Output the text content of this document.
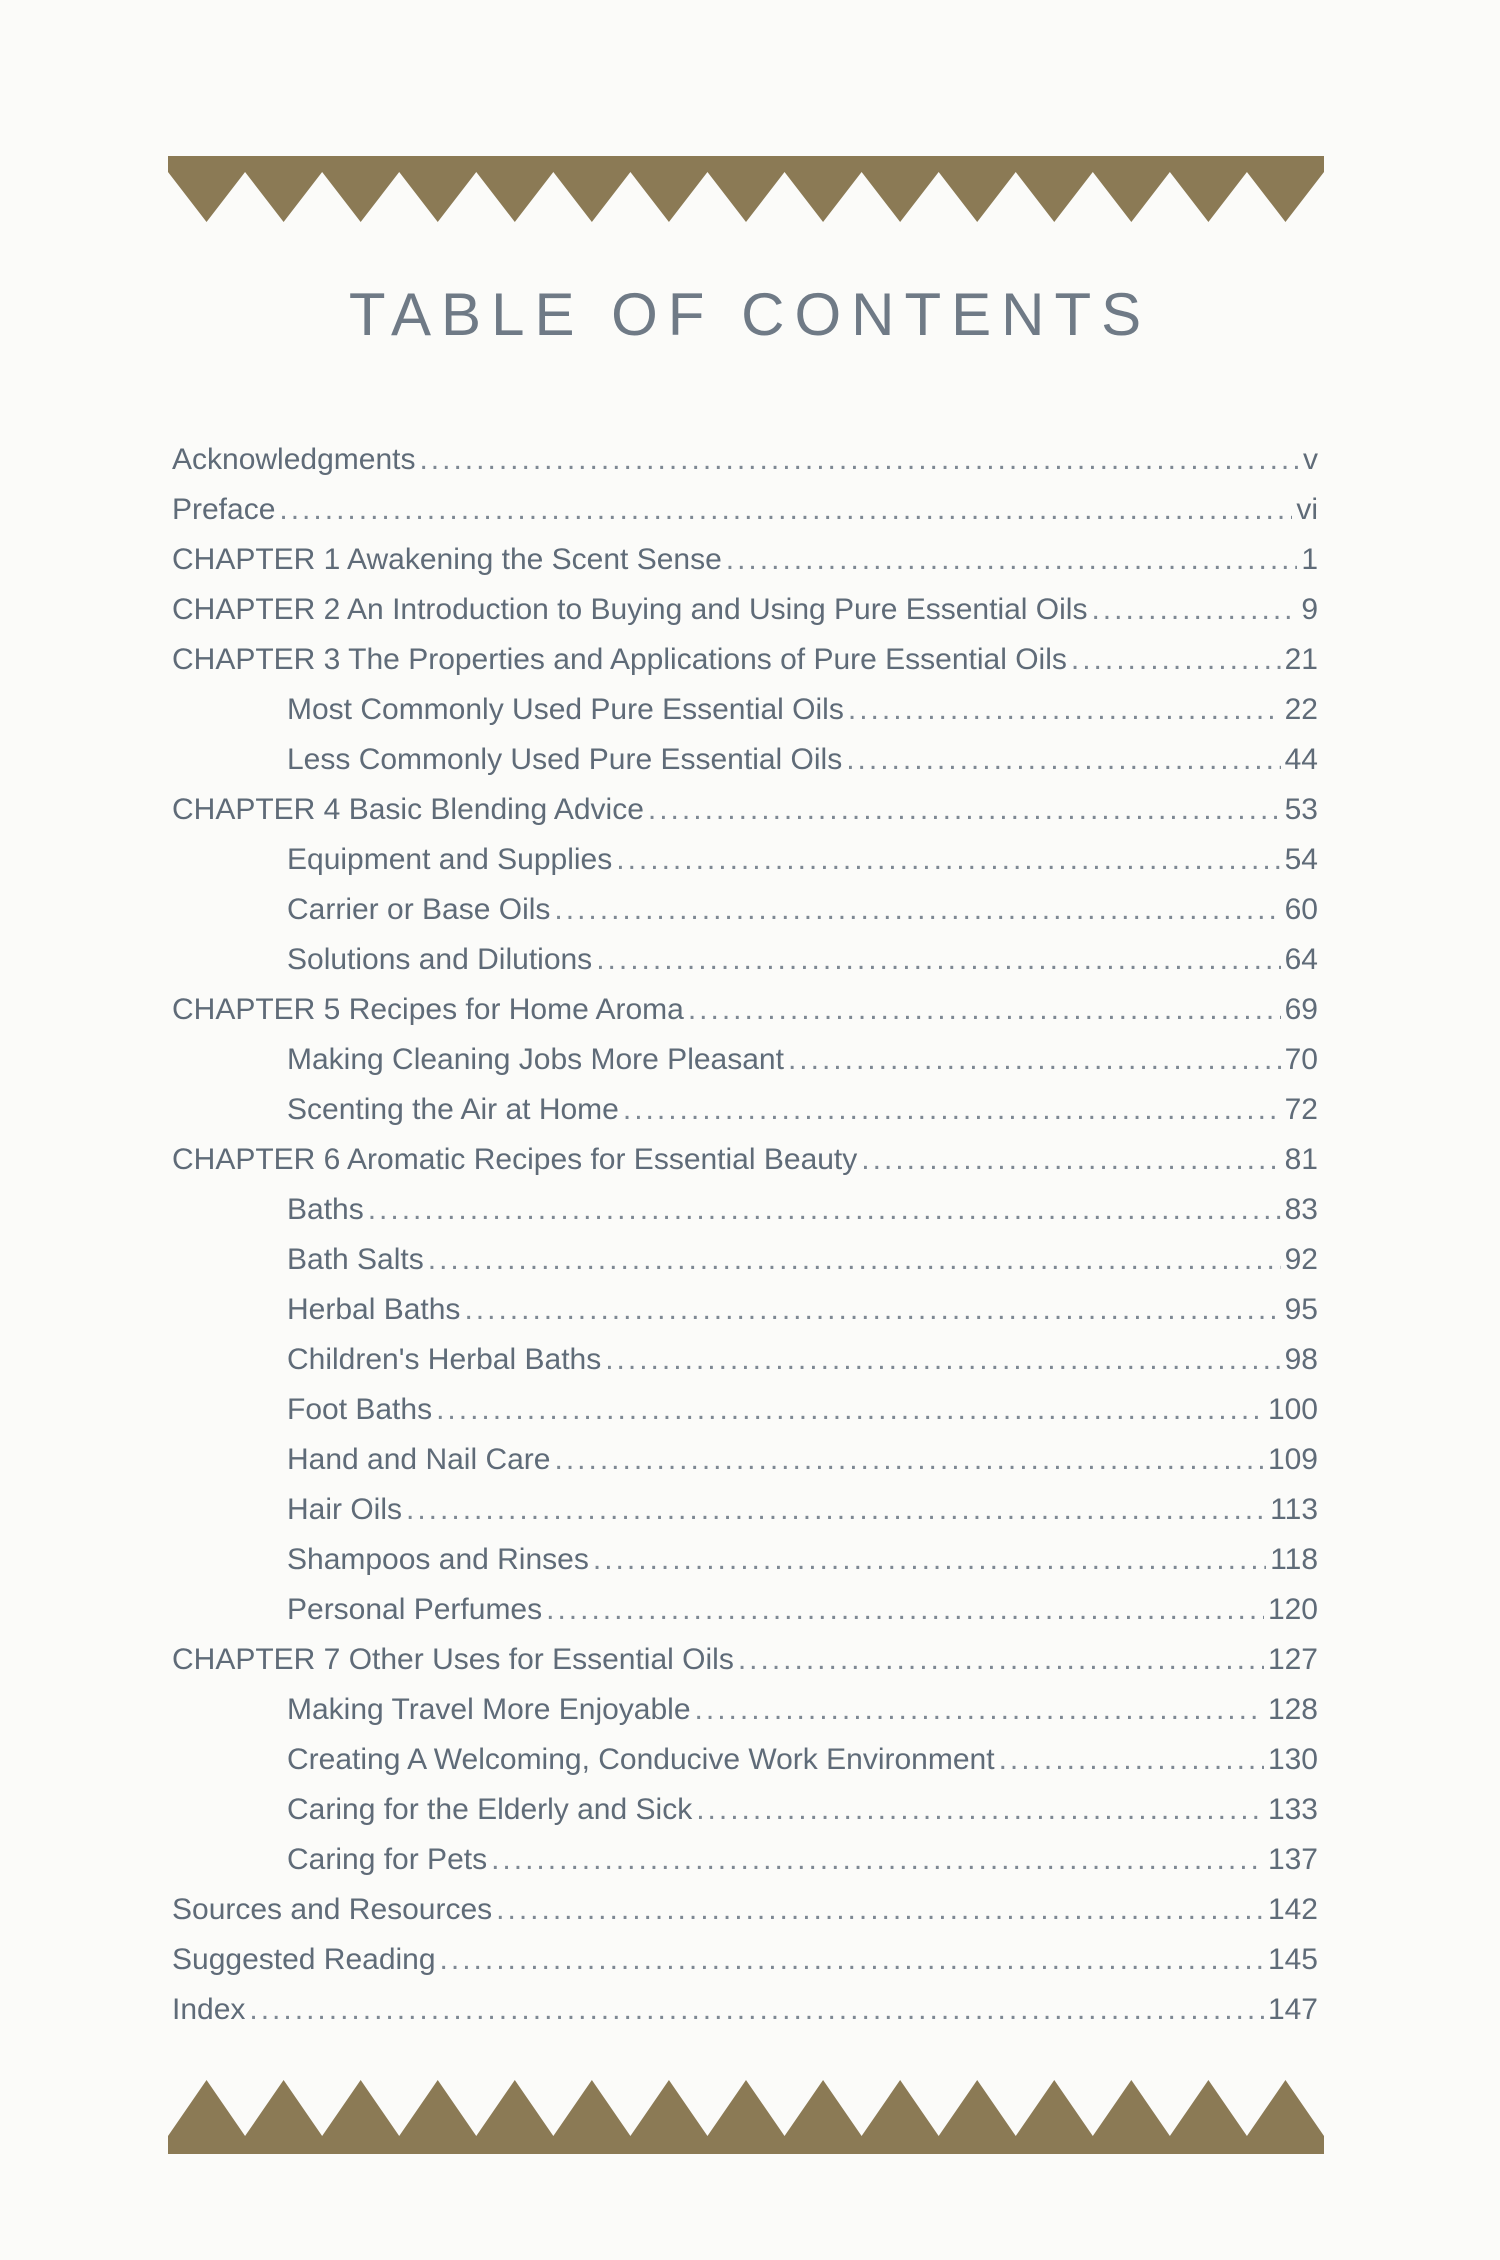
TABLE OF CONTENTS
Acknowledgments .....	v
Preface .....	vi
CHAPTER 1 Awakening the Scent Sense .....	1
CHAPTER 2 An Introduction to Buying and Using Pure Essential Oils .....	9
CHAPTER 3 The Properties and Applications of Pure Essential Oils .....	21
Most Commonly Used Pure Essential Oils .....	22
Less Commonly Used Pure Essential Oils .....	44
CHAPTER 4 Basic Blending Advice .....	53
Equipment and Supplies .....	54
Carrier or Base Oils .....	60
Solutions and Dilutions .....	64
CHAPTER 5 Recipes for Home Aroma .....	69
Making Cleaning Jobs More Pleasant .....	70
Scenting the Air at Home .....	72
CHAPTER 6 Aromatic Recipes for Essential Beauty .....	81
Baths .....	83
Bath Salts .....	92
Herbal Baths .....	95
Children's Herbal Baths .....	98
Foot Baths .....	100
Hand and Nail Care .....	109
Hair Oils .....	113
Shampoos and Rinses .....	118
Personal Perfumes .....	120
CHAPTER 7 Other Uses for Essential Oils .....	127
Making Travel More Enjoyable .....	128
Creating A Welcoming, Conducive Work Environment .....	130
Caring for the Elderly and Sick .....	133
Caring for Pets .....	137
Sources and Resources .....	142
Suggested Reading .....	145
Index .....	147
